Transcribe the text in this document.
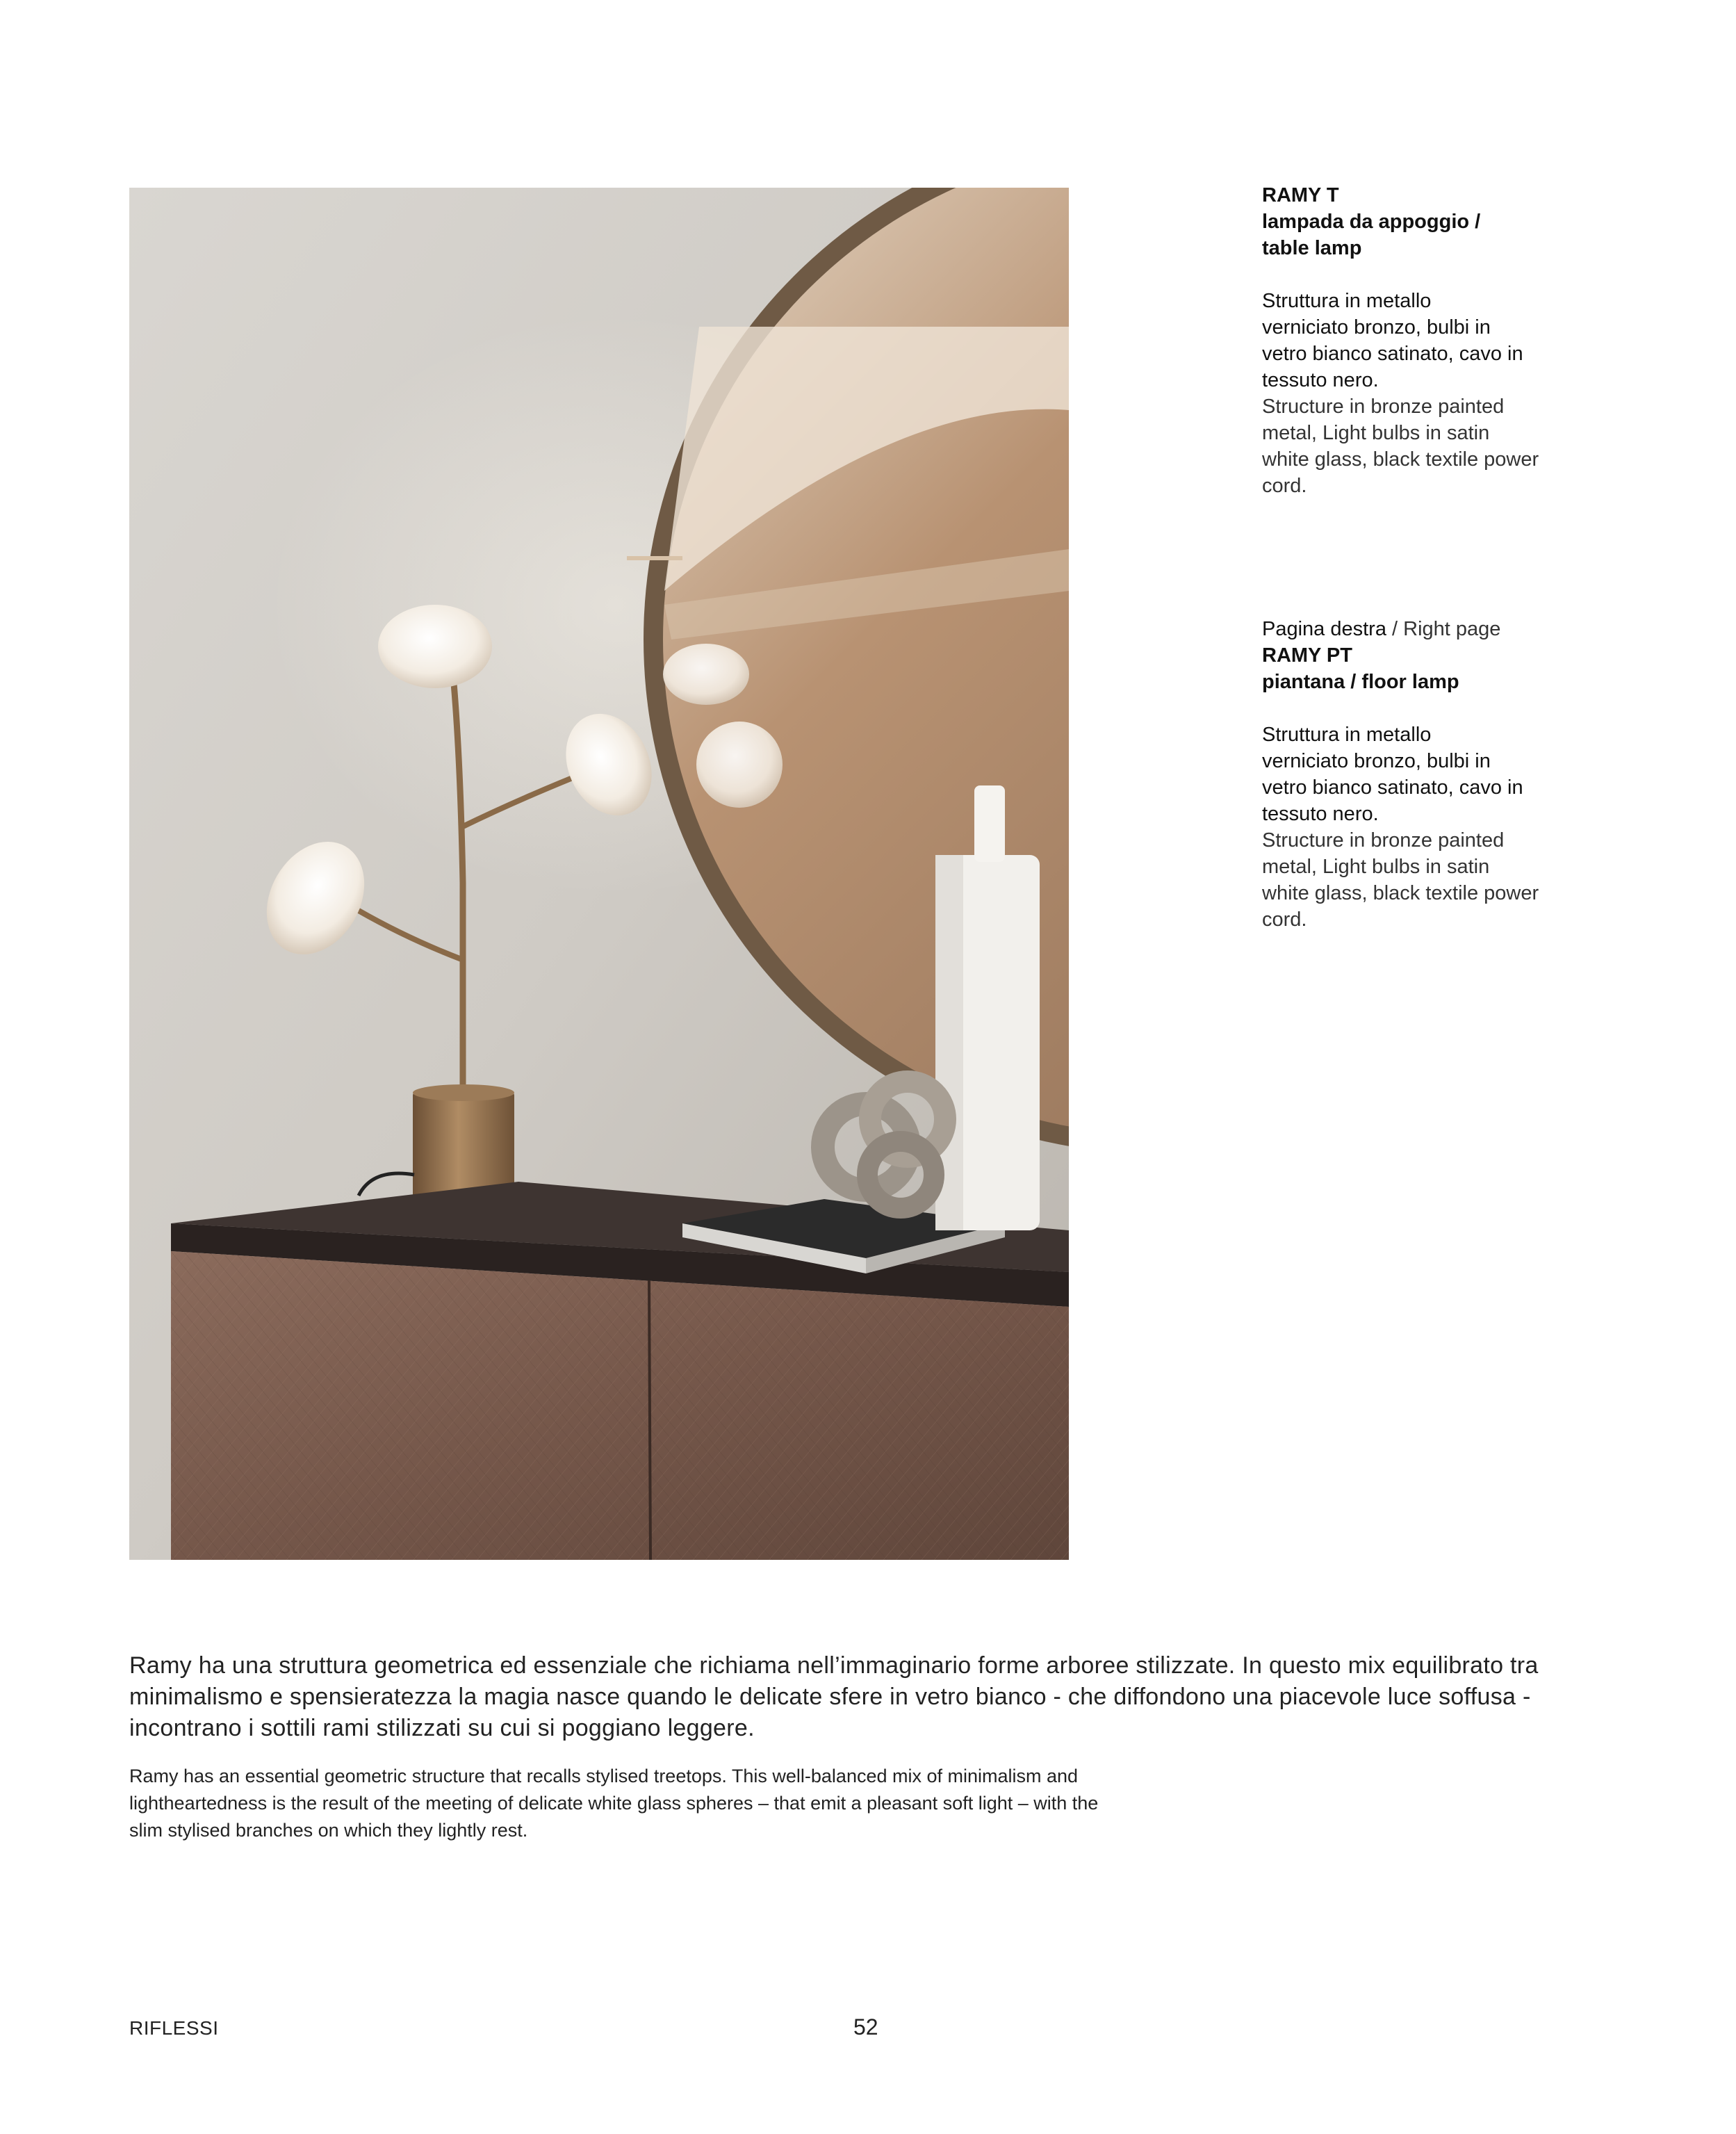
RAMY T

lampada da appoggio /

table lamp

Struttura in metallo

verniciato bronzo, bulbi in

vetro bianco satinato, cavo in

tessuto nero.

Structure in bronze painted

metal, Light bulbs in satin

white glass, black textile power

cord.

Pagina destra / Right page

RAMY PT

piantana / floor lamp

Struttura in metallo

verniciato bronzo, bulbi in

vetro bianco satinato, cavo in

tessuto nero.

Structure in bronze painted

metal, Light bulbs in satin

white glass, black textile power

cord.

Ramy ha una struttura geometrica ed essenziale che richiama nell’immaginario forme arboree stilizzate. In questo mix equilibrato tra minimalismo e spensieratezza la magia nasce quando le delicate sfere in vetro bianco - che diffondono una piacevole luce soffusa - incontrano i sottili rami stilizzati su cui si poggiano leggere.

Ramy has an essential geometric structure that recalls stylised treetops. This well-balanced mix of minimalism and lightheartedness is the result of the meeting of delicate white glass spheres – that emit a pleasant soft light – with the slim stylised branches on which they lightly rest.

RIFLESSI	52
